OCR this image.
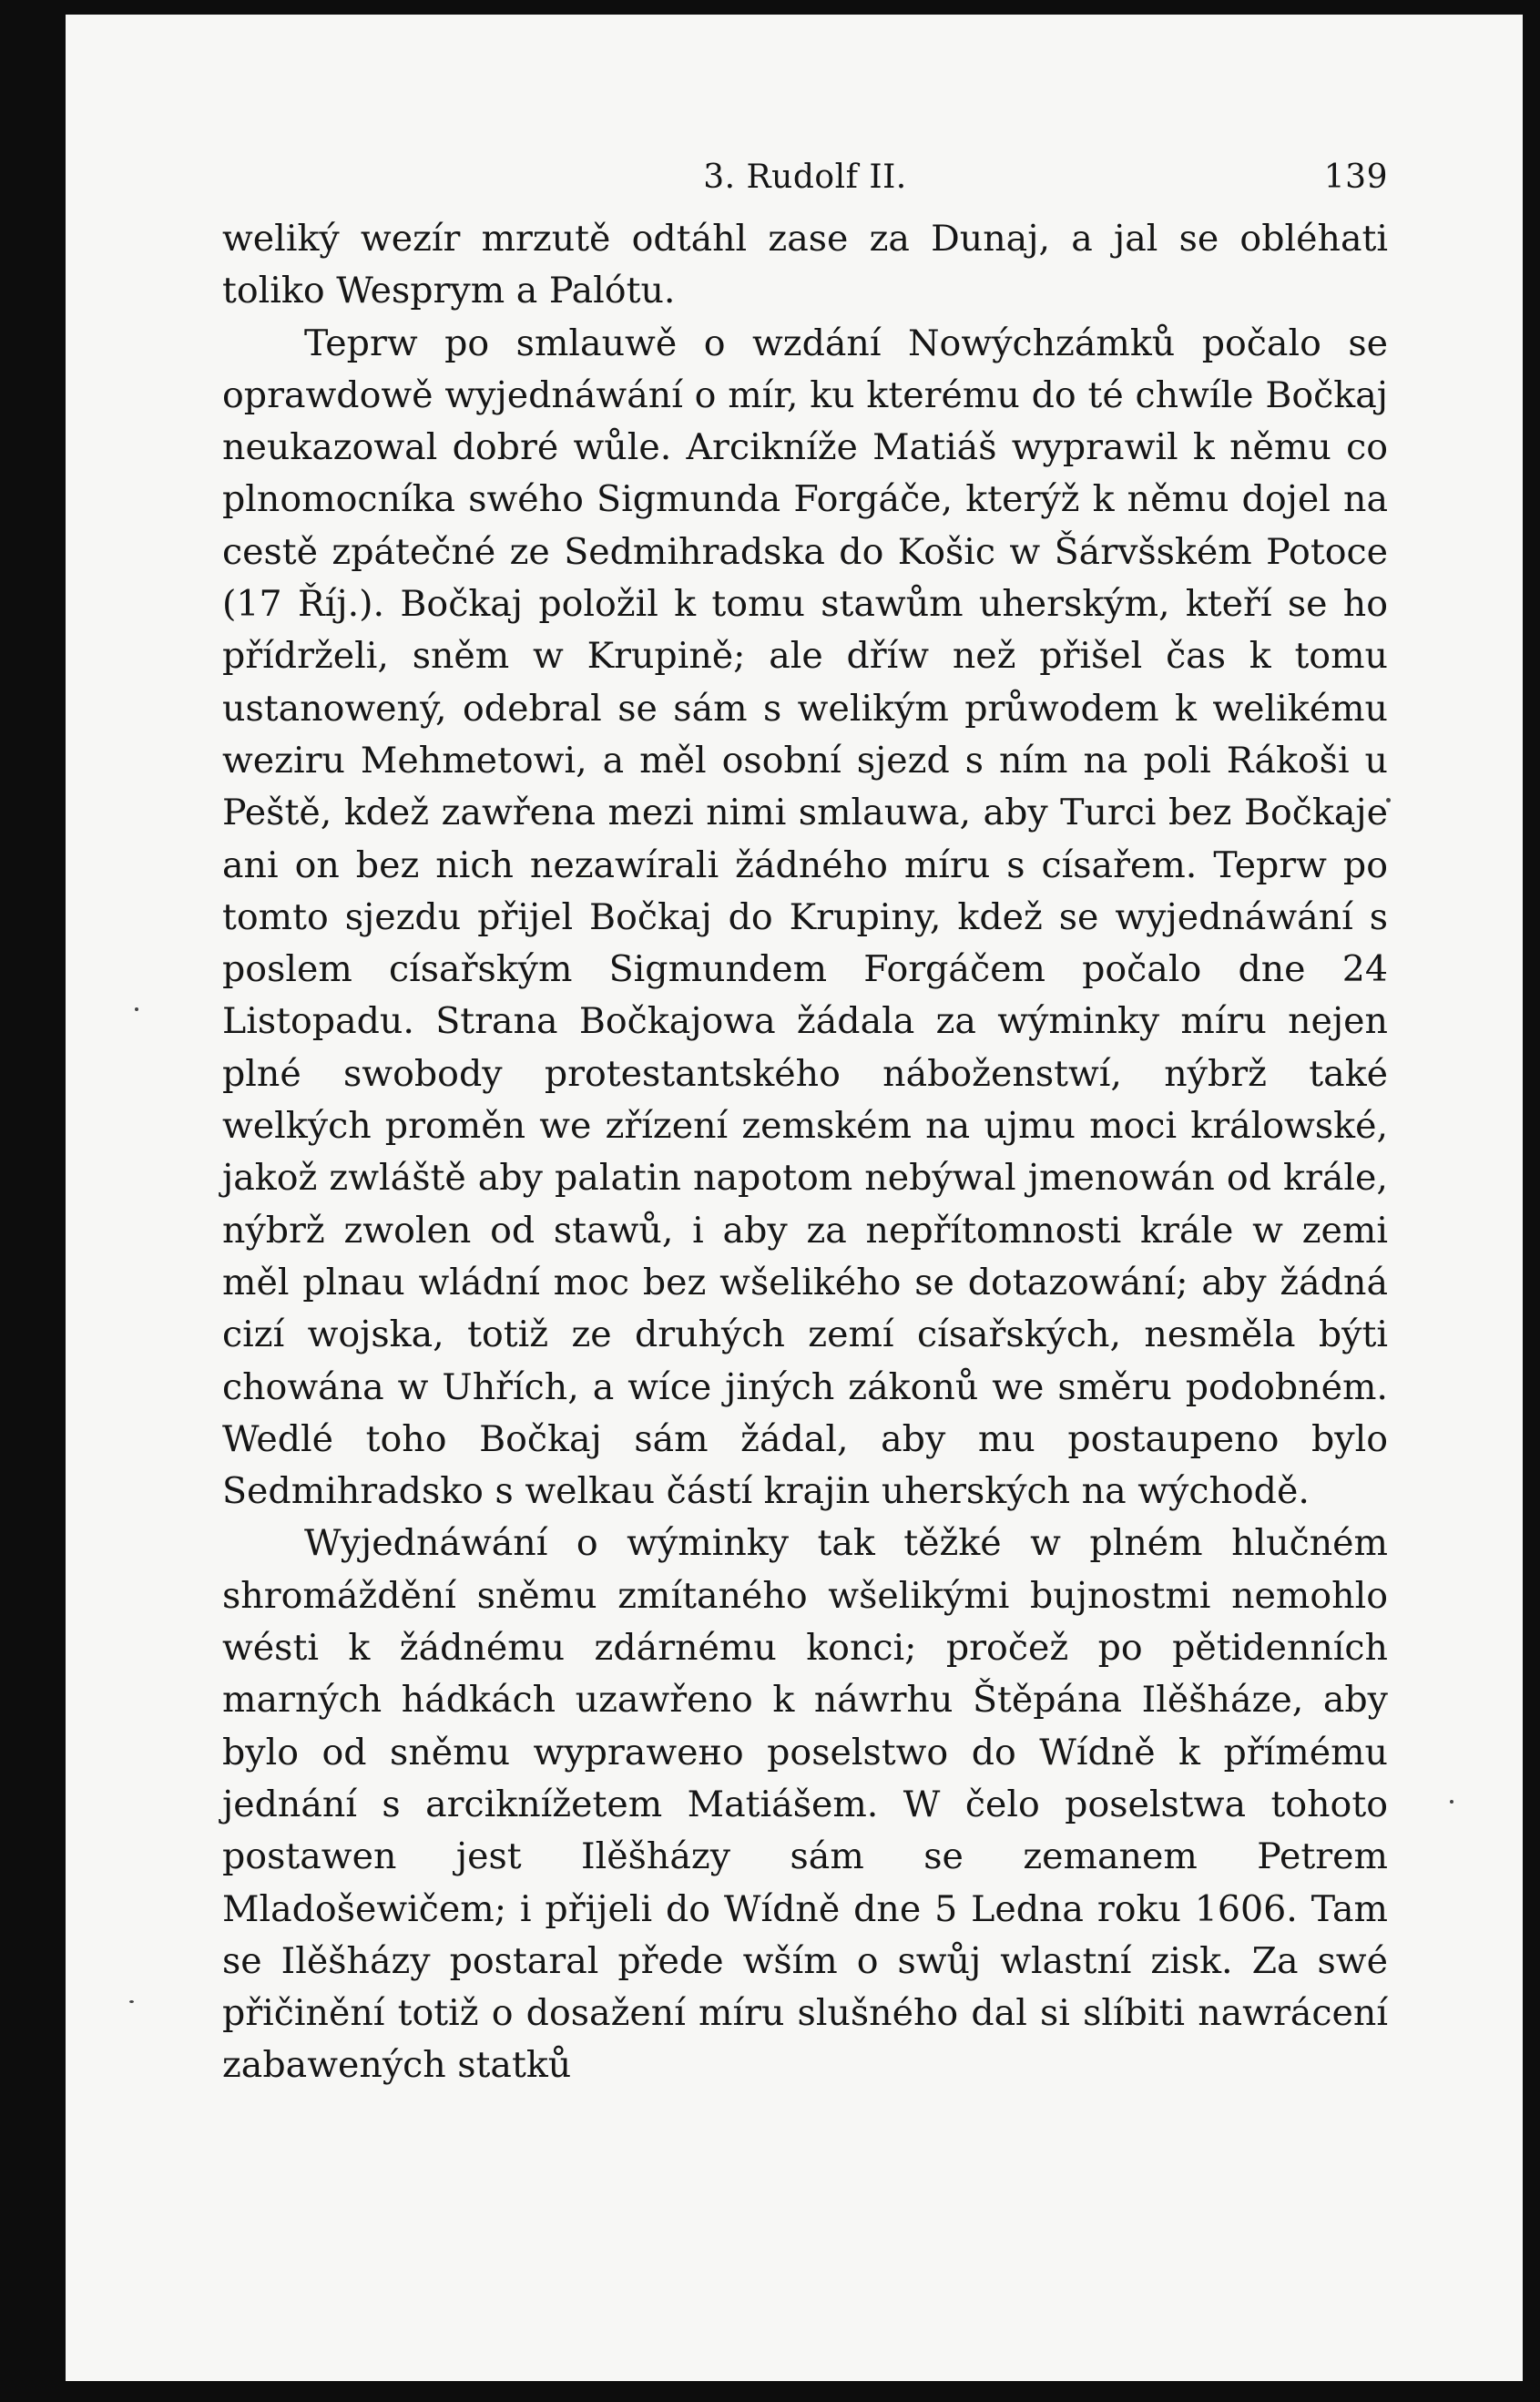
3. Rudolf II.	139

weliký wezír mrzutě odtáhl zase za Dunaj, a jal se obléhati toliko Wesprym a Palótu.

Teprw po smlauwě o wzdání Nowýchzámků počalo se oprawdowě wyjednáwání o mír, ku kterému do té chwíle Bočkaj neukazowal dobré wůle. Arcikníže Matiáš wyprawil k němu co plnomocníka swého Sigmunda Forgáče, kterýž k němu dojel na cestě zpátečné ze Sedmihradska do Košic w Šárvšském Potoce (17 Říj.). Bočkaj položil k tomu stawům uherským, kteří se ho přídrželi, sněm w Krupině; ale dříw než přišel čas k tomu ustanowený, odebral se sám s welikým průwodem k welikému weziru Mehmetowi, a měl osobní sjezd s ním na poli Rákoši u Peště, kdež zawřena mezi nimi smlauwa, aby Turci bez Bočkaje ani on bez nich nezawírali žádného míru s císařem. Teprw po tomto sjezdu přijel Bočkaj do Krupiny, kdež se wyjednáwání s poslem císařským Sigmundem Forgáčem počalo dne 24 Listopadu. Strana Bočkajowa žádala za wýminky míru nejen plné swobody protestantského náboženstwí, nýbrž také welkých proměn we zřízení zemském na ujmu moci králowské, jakož zwláště aby palatin napotom nebýwal jmenowán od krále, nýbrž zwolen od stawů, i aby za nepřítomnosti krále w zemi měl plnau wládní moc bez wšelikého se dotazowání; aby žádná cizí wojska, totiž ze druhých zemí císařských, nesměla býti chowána w Uhřích, a wíce jiných zákonů we směru podobném. Wedlé toho Bočkaj sám žádal, aby mu postaupeno bylo Sedmihradsko s welkau částí krajin uherských na wýchodě.

Wyjednáwání o wýminky tak těžké w plném hlučném shromáždění sněmu zmítaného wšelikými bujnostmi nemohlo wésti k žádnému zdárnému konci; pročež po pětidenních marných hádkách uzawřeno k náwrhu Štěpána Ilěšháze, aby bylo od sněmu wyprawено poselstwo do Wídně k přímému jednání s arciknížetem Matiášem. W čelo poselstwa tohoto postawen jest Ilěšházy sám se zemanem Petrem Mladošewičem; i přijeli do Wídně dne 5 Ledna roku 1606. Tam se Ilěšházy postaral přede wším o swůj wlastní zisk. Za swé přičinění totiž o dosažení míru slušného dal si slíbiti nawrácení zabawených statků
